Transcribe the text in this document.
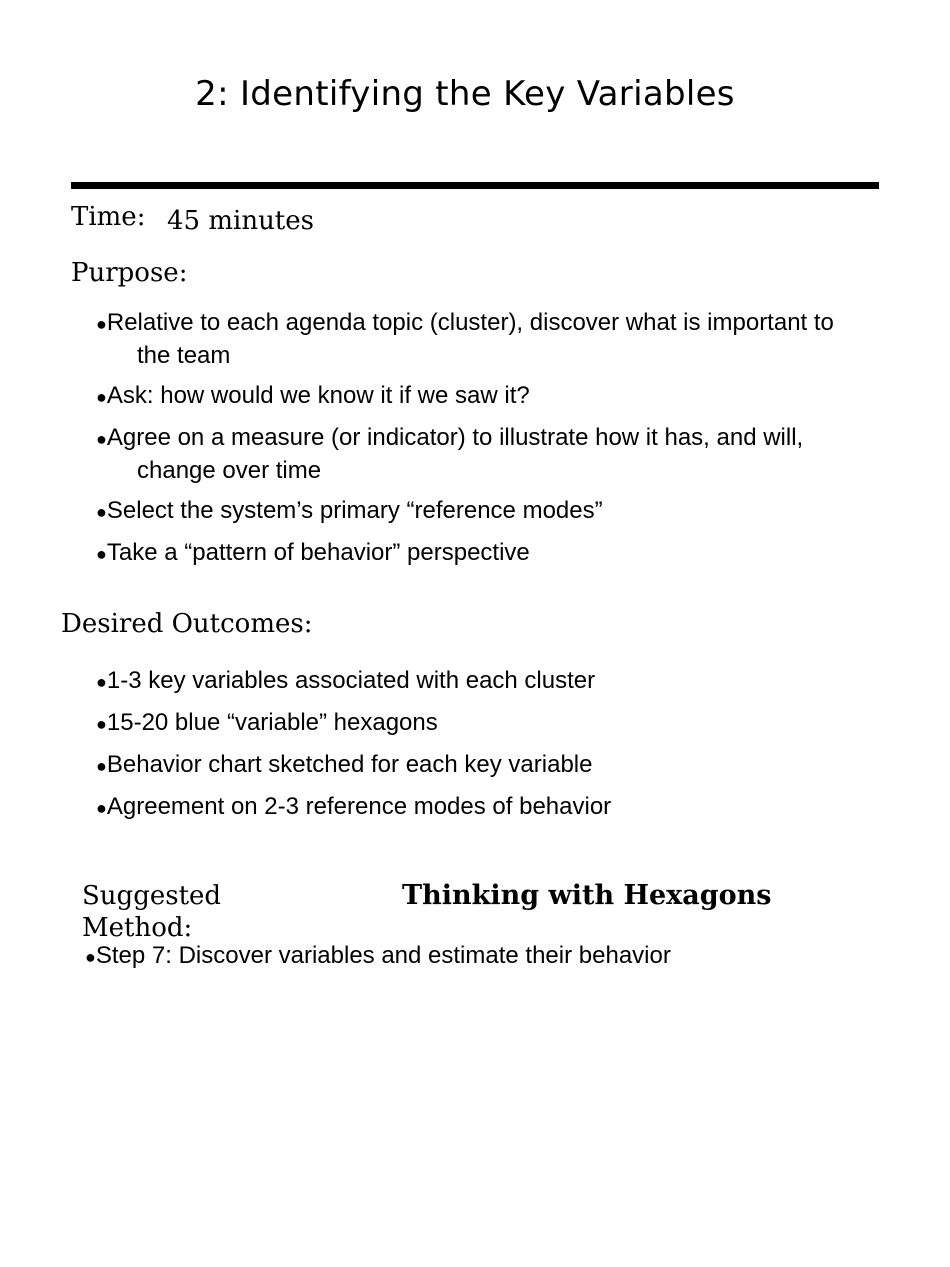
2: Identifying the Key Variables
Time: 45 minutes
Purpose:
●Relative to each agenda topic (cluster), discover what is important to the team
●Ask: how would we know it if we saw it?
●Agree on a measure (or indicator) to illustrate how it has, and will, change over time
●Select the system’s primary “reference modes”
●Take a “pattern of behavior” perspective
Desired Outcomes:
●1-3 key variables associated with each cluster
●15-20 blue “variable” hexagons
●Behavior chart sketched for each key variable
●Agreement on 2-3 reference modes of behavior
Suggested Method:
Thinking with Hexagons
●Step 7: Discover variables and estimate their behavior
